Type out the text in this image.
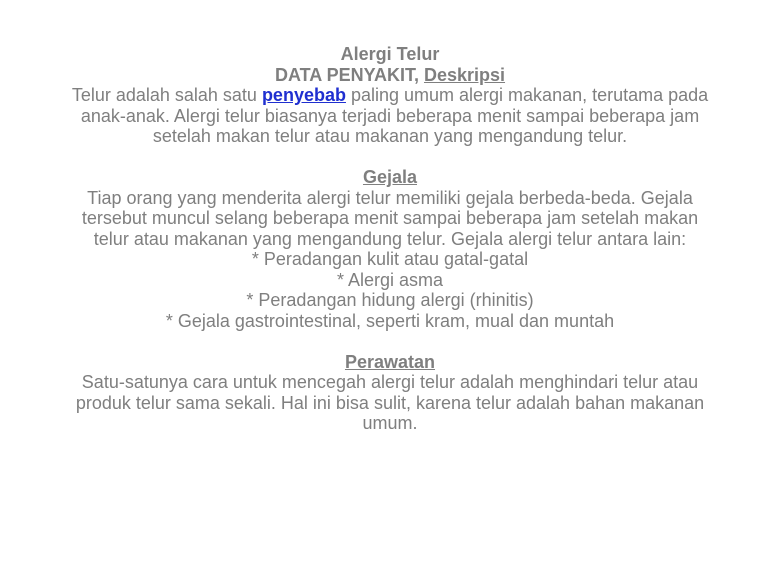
Alergi Telur
DATA PENYAKIT, Deskripsi
Telur adalah salah satu penyebab paling umum alergi makanan, terutama pada anak-anak. Alergi telur biasanya terjadi beberapa menit sampai beberapa jam setelah makan telur atau makanan yang mengandung telur.
Gejala
Tiap orang yang menderita alergi telur memiliki gejala berbeda-beda. Gejala tersebut muncul selang beberapa menit sampai beberapa jam setelah makan telur atau makanan yang mengandung telur. Gejala alergi telur antara lain:
* Peradangan kulit atau gatal-gatal
* Alergi asma
* Peradangan hidung alergi (rhinitis)
* Gejala gastrointestinal, seperti kram, mual dan muntah
Perawatan
Satu-satunya cara untuk mencegah alergi telur adalah menghindari telur atau produk telur sama sekali. Hal ini bisa sulit, karena telur adalah bahan makanan umum.
